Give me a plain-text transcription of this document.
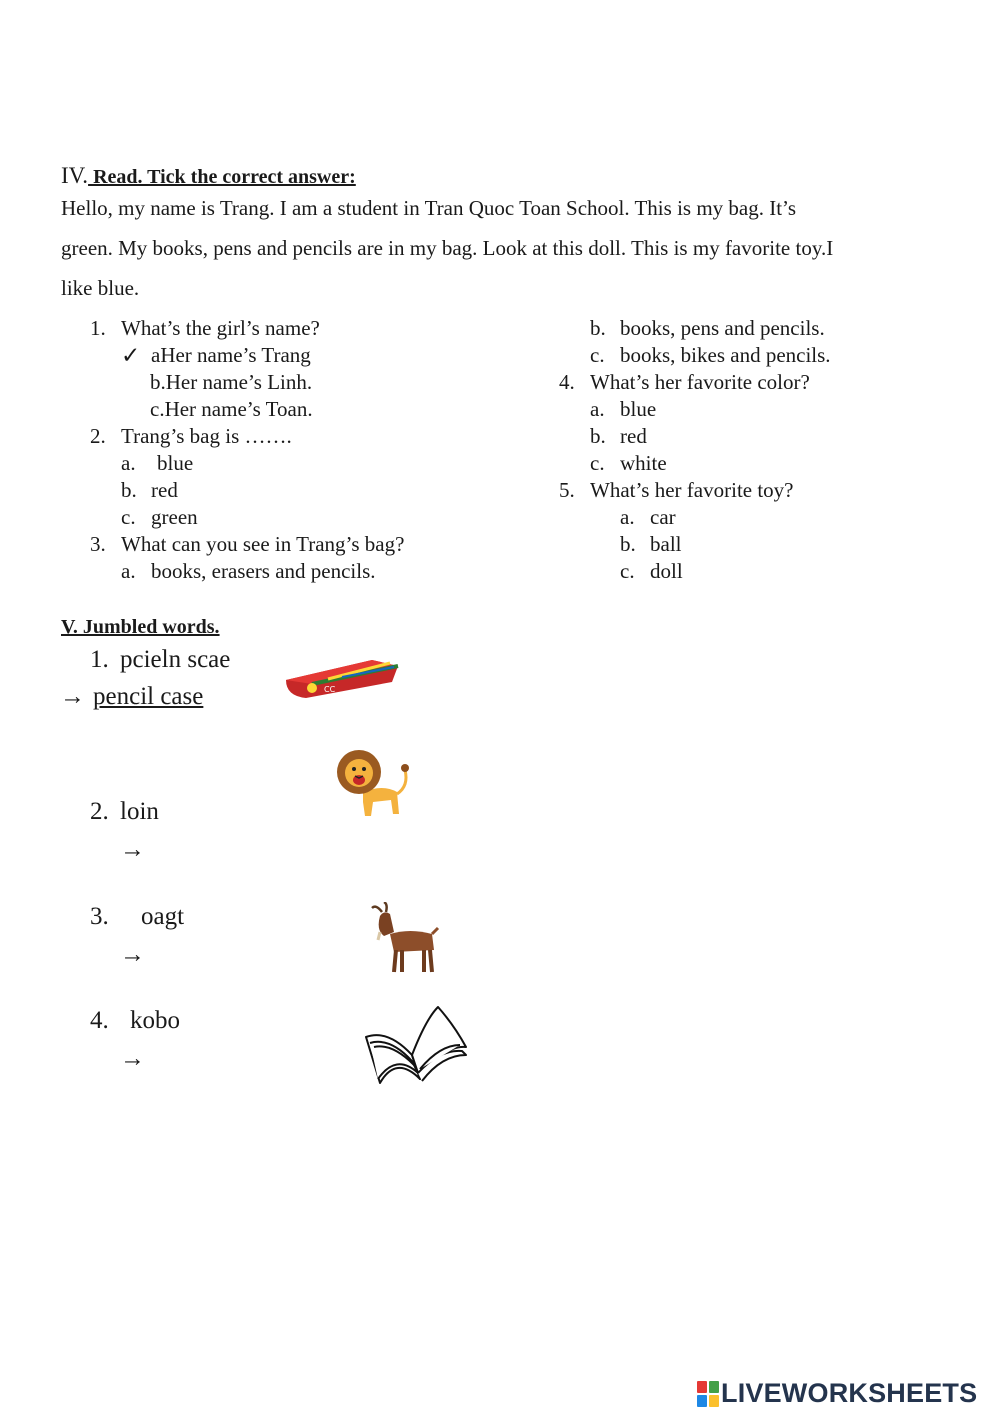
IV. Read. Tick the correct answer:
Hello, my name is Trang. I am a student in Tran Quoc Toan School. This is my bag. It’s
green. My books, pens and pencils are in my bag. Look at this doll. This is my favorite toy.I
like blue.
1. What’s the girl’s name?
✓ aHer name’s Trang
b.Her name’s Linh.
c.Her name’s Toan.
2. Trang’s bag is …….
a. blue
b. red
c. green
3. What can you see in Trang’s bag?
a. books, erasers and pencils.
b. books, pens and pencils.
c. books, bikes and pencils.
4. What’s her favorite color?
a. blue
b. red
c. white
5. What’s her favorite toy?
a. car
b. ball
c. doll
V. Jumbled words.
1. pcieln scae
→ pencil case	CC
2. loin
→
3. oagt
→
4. kobo
→
LIVEWORKSHEETS
